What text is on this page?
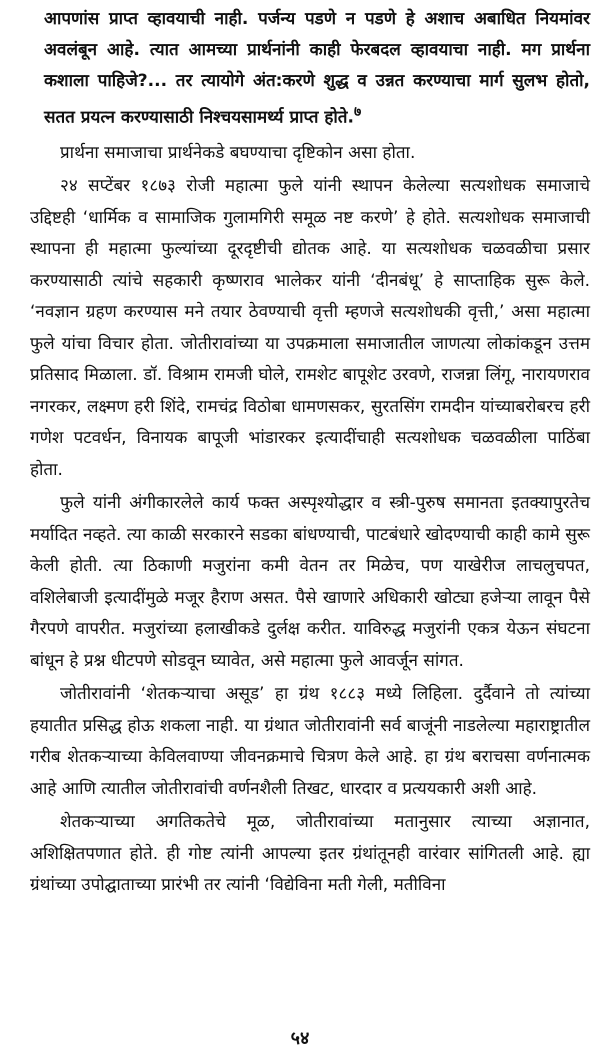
आपणांस प्राप्त व्हावयाची नाही. पर्जन्य पडणे न पडणे हे अशाच अबाधित नियमांवर अवलंबून आहे. त्यात आमच्या प्रार्थनांनी काही फेरबदल व्हावयाचा नाही. मग प्रार्थना कशाला पाहिजे?... तर त्यायोगे अंत:करणे शुद्ध व उन्नत करण्याचा मार्ग सुलभ होतो, सतत प्रयत्न करण्यासाठी निश्चयसामर्थ्य प्राप्त होते.$^७$

प्रार्थना समाजाचा प्रार्थनेकडे बघण्याचा दृष्टिकोन असा होता.

२४ सप्टेंबर १८७३ रोजी महात्मा फुले यांनी स्थापन केलेल्या सत्यशोधक समाजाचे उद्दिष्टही ‘धार्मिक व सामाजिक गुलामगिरी समूळ नष्ट करणे’ हे होते. सत्यशोधक समाजाची स्थापना ही महात्मा फुल्यांच्या दूरदृष्टीची द्योतक आहे. या सत्यशोधक चळवळीचा प्रसार करण्यासाठी त्यांचे सहकारी कृष्णराव भालेकर यांनी ‘दीनबंधू’ हे साप्ताहिक सुरू केले. ‘नवज्ञान ग्रहण करण्यास मने तयार ठेवण्याची वृत्ती म्हणजे सत्यशोधकी वृत्ती,’ असा महात्मा फुले यांचा विचार होता. जोतीरावांच्या या उपक्रमाला समाजातील जाणत्या लोकांकडून उत्तम प्रतिसाद मिळाला. डॉ. विश्राम रामजी घोले, रामशेट बापूशेट उरवणे, राजन्ना लिंगू, नारायणराव नगरकर, लक्ष्मण हरी शिंदे, रामचंद्र विठोबा धामणसकर, सुरतसिंग रामदीन यांच्याबरोबरच हरी गणेश पटवर्धन, विनायक बापूजी भांडारकर इत्यादींचाही सत्यशोधक चळवळीला पाठिंबा होता.

फुले यांनी अंगीकारलेले कार्य फक्त अस्पृश्योद्धार व स्त्री-पुरुष समानता इतक्यापुरतेच मर्यादित नव्हते. त्या काळी सरकारने सडका बांधण्याची, पाटबंधारे खोदण्याची काही कामे सुरू केली होती. त्या ठिकाणी मजुरांना कमी वेतन तर मिळेच, पण याखेरीज लाचलुचपत, वशिलेबाजी इत्यादींमुळे मजूर हैराण असत. पैसे खाणारे अधिकारी खोट्या हजेऱ्या लावून पैसे गैरपणे वापरीत. मजुरांच्या हलाखीकडे दुर्लक्ष करीत. याविरुद्ध मजुरांनी एकत्र येऊन संघटना बांधून हे प्रश्न धीटपणे सोडवून घ्यावेत, असे महात्मा फुले आवर्जून सांगत.

जोतीरावांनी ‘शेतकऱ्याचा असूड’ हा ग्रंथ १८८३ मध्ये लिहिला. दुर्दैवाने तो त्यांच्या हयातीत प्रसिद्ध होऊ शकला नाही. या ग्रंथात जोतीरावांनी सर्व बाजूंनी नाडलेल्या महाराष्ट्रातील गरीब शेतकऱ्याच्या केविलवाण्या जीवनक्रमाचे चित्रण केले आहे. हा ग्रंथ बराचसा वर्णनात्मक आहे आणि त्यातील जोतीरावांची वर्णनशैली तिखट, धारदार व प्रत्ययकारी अशी आहे.

शेतकऱ्याच्या अगतिकतेचे मूळ, जोतीरावांच्या मतानुसार त्याच्या अज्ञानात, अशिक्षितपणात होते. ही गोष्ट त्यांनी आपल्या इतर ग्रंथांतूनही वारंवार सांगितली आहे. ह्या ग्रंथांच्या उपोद्घाताच्या प्रारंभी तर त्यांनी ‘विद्येविना मती गेली, मतीविना

५४
